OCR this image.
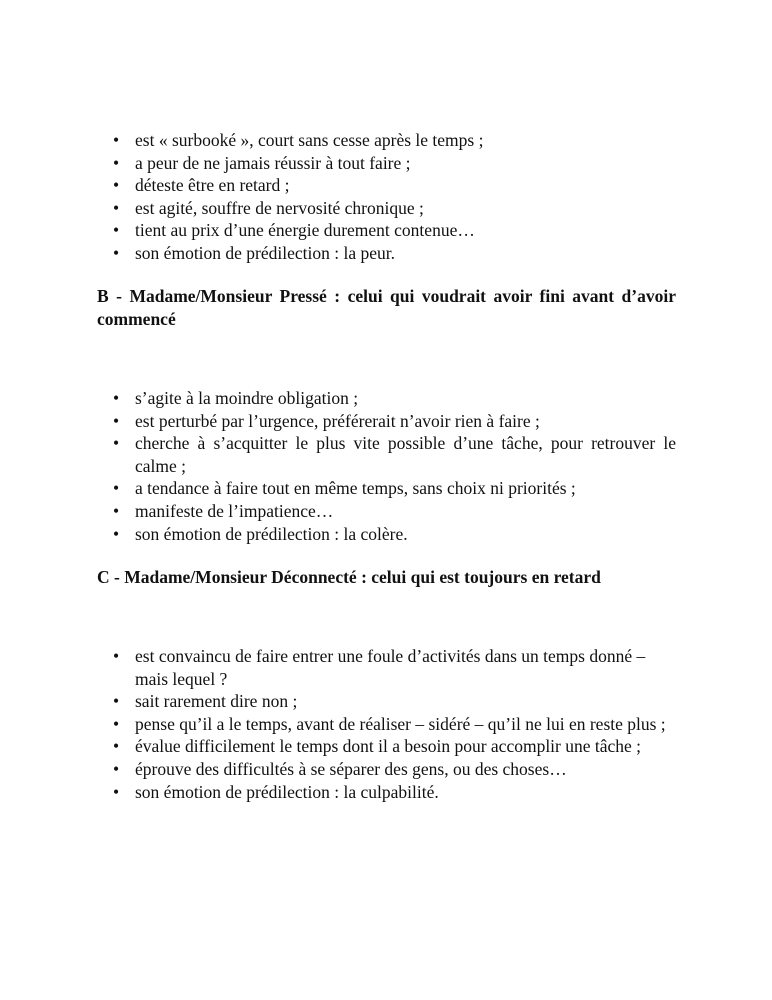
• est « surbooké », court sans cesse après le temps ;
• a peur de ne jamais réussir à tout faire ;
• déteste être en retard ;
• est agité, souffre de nervosité chronique ;
• tient au prix d’une énergie durement contenue…
• son émotion de prédilection : la peur.
B - Madame/Monsieur Pressé : celui qui voudrait avoir fini avant d’avoir commencé
• s’agite à la moindre obligation ;
• est perturbé par l’urgence, préférerait n’avoir rien à faire ;
• cherche à s’acquitter le plus vite possible d’une tâche, pour retrouver le calme ;
• a tendance à faire tout en même temps, sans choix ni priorités ;
• manifeste de l’impatience…
• son émotion de prédilection : la colère.
C - Madame/Monsieur Déconnecté : celui qui est toujours en retard
• est convaincu de faire entrer une foule d’activités dans un temps donné – mais lequel ?
• sait rarement dire non ;
• pense qu’il a le temps, avant de réaliser – sidéré – qu’il ne lui en reste plus ;
• évalue difficilement le temps dont il a besoin pour accomplir une tâche ;
• éprouve des difficultés à se séparer des gens, ou des choses…
• son émotion de prédilection : la culpabilité.
